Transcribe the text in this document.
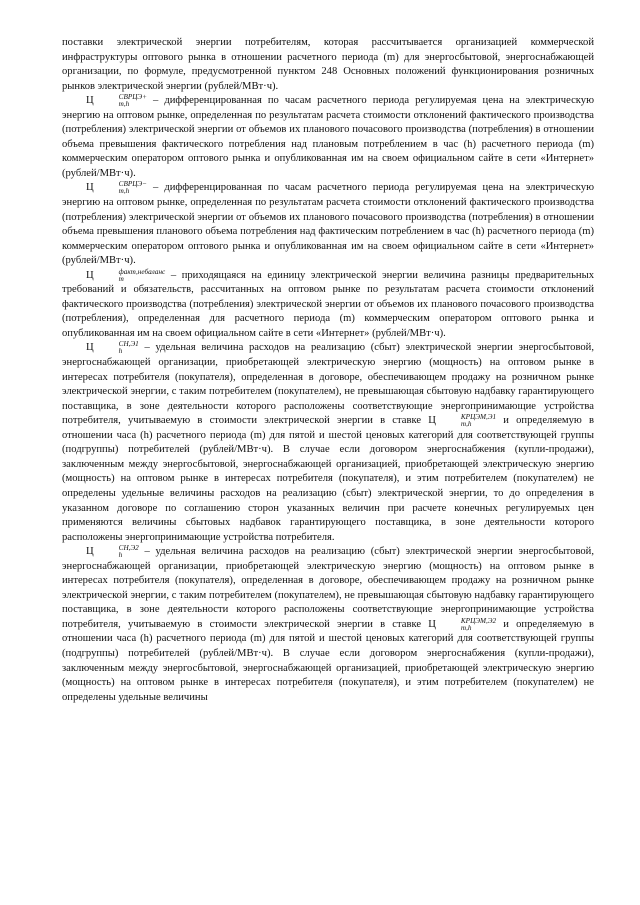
поставки электрической энергии потребителям, которая рассчитывается организацией коммерческой инфраструктуры оптового рынка в отношении расчетного периода (m) для энергосбытовой, энергоснабжающей организации, по формуле, предусмотренной пунктом 248 Основных положений функционирования розничных рынков электрической энергии (рублей/МВт·ч).

Ц	СВРЦЭ+
m,h	– дифференцированная по часам расчетного периода регулируемая цена на электрическую энергию на оптовом рынке, определенная по результатам расчета стоимости отклонений фактического производства (потребления) электрической энергии от объемов их планового почасового производства (потребления) в отношении объема превышения фактического потребления над плановым потреблением в час (h) расчетного периода (m) коммерческим оператором оптового рынка и опубликованная им на своем официальном сайте в сети «Интернет» (рублей/МВт·ч).

Ц	СВРЦЭ−
m,h	– дифференцированная по часам расчетного периода регулируемая цена на электрическую энергию на оптовом рынке, определенная по результатам расчета стоимости отклонений фактического производства (потребления) электрической энергии от объемов их планового почасового производства (потребления) в отношении объема превышения планового объема потребления над фактическим потреблением в час (h) расчетного периода (m) коммерческим оператором оптового рынка и опубликованная им на своем официальном сайте в сети «Интернет» (рублей/МВт·ч).

Ц	факт,небаланс
m	– приходящаяся на единицу электрической энергии величина разницы предварительных требований и обязательств, рассчитанных на оптовом рынке по результатам расчета стоимости отклонений фактического производства (потребления) электрической энергии от объемов их планового почасового производства (потребления), определенная для расчетного периода (m) коммерческим оператором оптового рынка и опубликованная им на своем официальном сайте в сети «Интернет» (рублей/МВт·ч).

Ц	СН,Э1
h	– удельная величина расходов на реализацию (сбыт) электрической энергии энергосбытовой, энергоснабжающей организации, приобретающей электрическую энергию (мощность) на оптовом рынке в интересах потребителя (покупателя), определенная в договоре, обеспечивающем продажу на розничном рынке электрической энергии, с таким потребителем (покупателем), не превышающая сбытовую надбавку гарантирующего поставщика, в зоне деятельности которого расположены соответствующие энергопринимающие устройства потребителя, учитываемую в стоимости электрической энергии в ставке Ц	КРЦЭМ,Э1
m,h	и определяемую в отношении часа (h) расчетного периода (m) для пятой и шестой ценовых категорий для соответствующей группы (подгруппы) потребителей (рублей/МВт·ч). В случае если договором энергоснабжения (купли-продажи), заключенным между энергосбытовой, энергоснабжающей организацией, приобретающей электрическую энергию (мощность) на оптовом рынке в интересах потребителя (покупателя), и этим потребителем (покупателем) не определены удельные величины расходов на реализацию (сбыт) электрической энергии, то до определения в указанном договоре по соглашению сторон указанных величин при расчете конечных регулируемых цен применяются величины сбытовых надбавок гарантирующего поставщика, в зоне деятельности которого расположены энергопринимающие устройства потребителя.

Ц	СН,Э2
h	– удельная величина расходов на реализацию (сбыт) электрической энергии энергосбытовой, энергоснабжающей организации, приобретающей электрическую энергию (мощность) на оптовом рынке в интересах потребителя (покупателя), определенная в договоре, обеспечивающем продажу на розничном рынке электрической энергии, с таким потребителем (покупателем), не превышающая сбытовую надбавку гарантирующего поставщика, в зоне деятельности которого расположены соответствующие энергопринимающие устройства потребителя, учитываемую в стоимости электрической энергии в ставке Ц	КРЦЭМ,Э2
m,h	и определяемую в отношении часа (h) расчетного периода (m) для пятой и шестой ценовых категорий для соответствующей группы (подгруппы) потребителей (рублей/МВт·ч). В случае если договором энергоснабжения (купли-продажи), заключенным между энергосбытовой, энергоснабжающей организацией, приобретающей электрическую энергию (мощность) на оптовом рынке в интересах потребителя (покупателя), и этим потребителем (покупателем) не определены удельные величины
